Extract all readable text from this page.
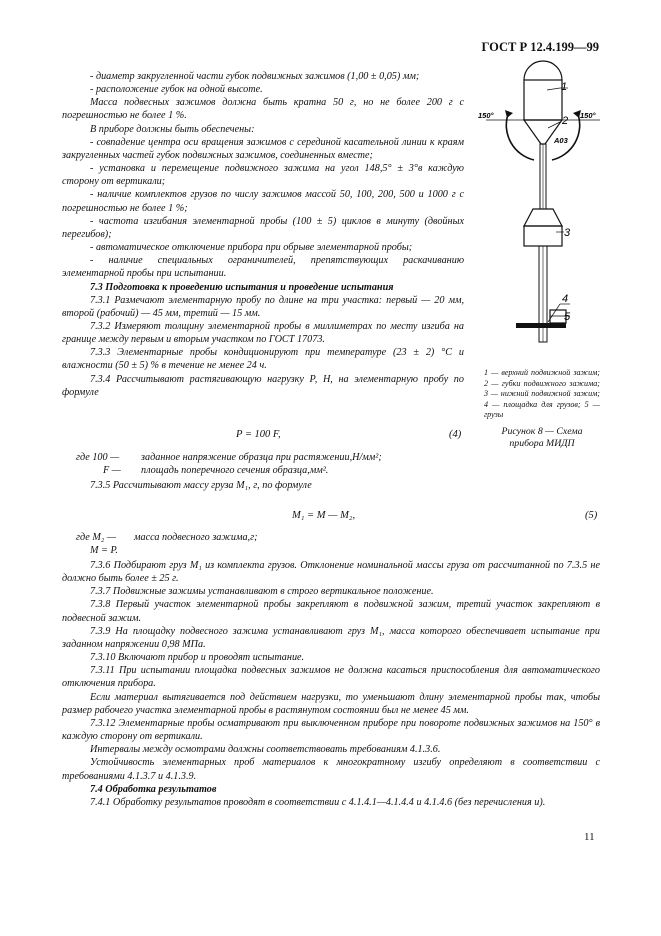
ГОСТ Р 12.4.199—99

- диаметр закругленной части губок подвижных зажимов (1,00 ± 0,05) мм;

- расположение губок на одной высоте.

Масса подвесных зажимов должна быть кратна 50 г, но не более 200 г с погрешностью не более 1 %.

В приборе должны быть обеспечены:

- совпадение центра оси вращения зажимов с серединой касательной линии к краям закругленных частей губок подвижных зажимов, соединенных вместе;

- установка и перемещение подвижного зажима на угол 148,5° ± 3°в каждую сторону от вертикали;

- наличие комплектов грузов по числу зажимов массой 50, 100, 200, 500 и 1000 г с погрешностью не более 1 %;

- частота изгибания элементарной пробы (100 ± 5) циклов в минуту (двойных перегибов);

- автоматическое отключение прибора при обрыве элементарной пробы;

- наличие специальных ограничителей, препятствующих раскачиванию элементарной пробы при испытании.

7.3 Подготовка к проведению испытания и проведение испытания

7.3.1 Размечают элементарную пробу по длине на три участка: первый — 20 мм, второй (рабочий) — 45 мм, третий — 15 мм.

7.3.2 Измеряют толщину элементарной пробы в миллиметрах по месту изгиба на границе между первым и вторым участком по ГОСТ 17073.

7.3.3 Элементарные пробы кондиционируют при температуре (23 ± 2) °С и влажности (50 ± 5) % в течение не менее 24 ч.

7.3.4 Рассчитывают растягивающую нагрузку Р, Н, на элементарную пробу по формуле

P = 100 F,	(4)
где 100 — заданное напряжение образца при растяжении,Н/мм²;
F — площадь поперечного сечения образца,мм².
7.3.5 Рассчитывают массу груза M₁, г, по формуле
M₁ = M — M₂,	(5)
где M₂ — масса подвесного зажима,г;
M = P.

7.3.6 Подбирают груз M₁ из комплекта грузов. Отклонение номинальной массы груза от рассчитанной по 7.3.5 не должно быть более ± 25 г.

7.3.7 Подвижные зажимы устанавливают в строго вертикальное положение.

7.3.8 Первый участок элементарной пробы закрепляют в подвижной зажим, третий участок закрепляют в подвесной зажим.

7.3.9 На площадку подвесного зажима устанавливают груз M₁, масса которого обеспечивает испытание при заданном напряжении 0,98 МПа.

7.3.10 Включают прибор и проводят испытание.

7.3.11 При испытании площадка подвесных зажимов не должна касаться приспособления для автоматического отключения прибора.

Если материал вытягивается под действием нагрузки, то уменьшают длину элементарной пробы так, чтобы размер рабочего участка элементарной пробы в растянутом состоянии был не менее 45 мм.

7.3.12 Элементарные пробы осматривают при выключенном приборе при повороте подвижных зажимов на 150° в каждую сторону от вертикали.

Интервалы между осмотрами должны соответствовать требованиям 4.1.3.6.

Устойчивость элементарных проб материалов к многократному изгибу определяют в соответствии с требованиями 4.1.3.7 и 4.1.3.9.

7.4 Обработка результатов

7.4.1 Обработку результатов проводят в соответствии с 4.1.4.1—4.1.4.4 и 4.1.4.6 (без перечисления и).

150°	150°
A03
1
2
3
4
5

1 — верхний подвижной зажим; 2 — губки подвижного зажима; 3 — нижний подвижной зажим; 4 — площадка для грузов; 5 — грузы

Рисунок 8 — Схема

прибора МИДП

11
